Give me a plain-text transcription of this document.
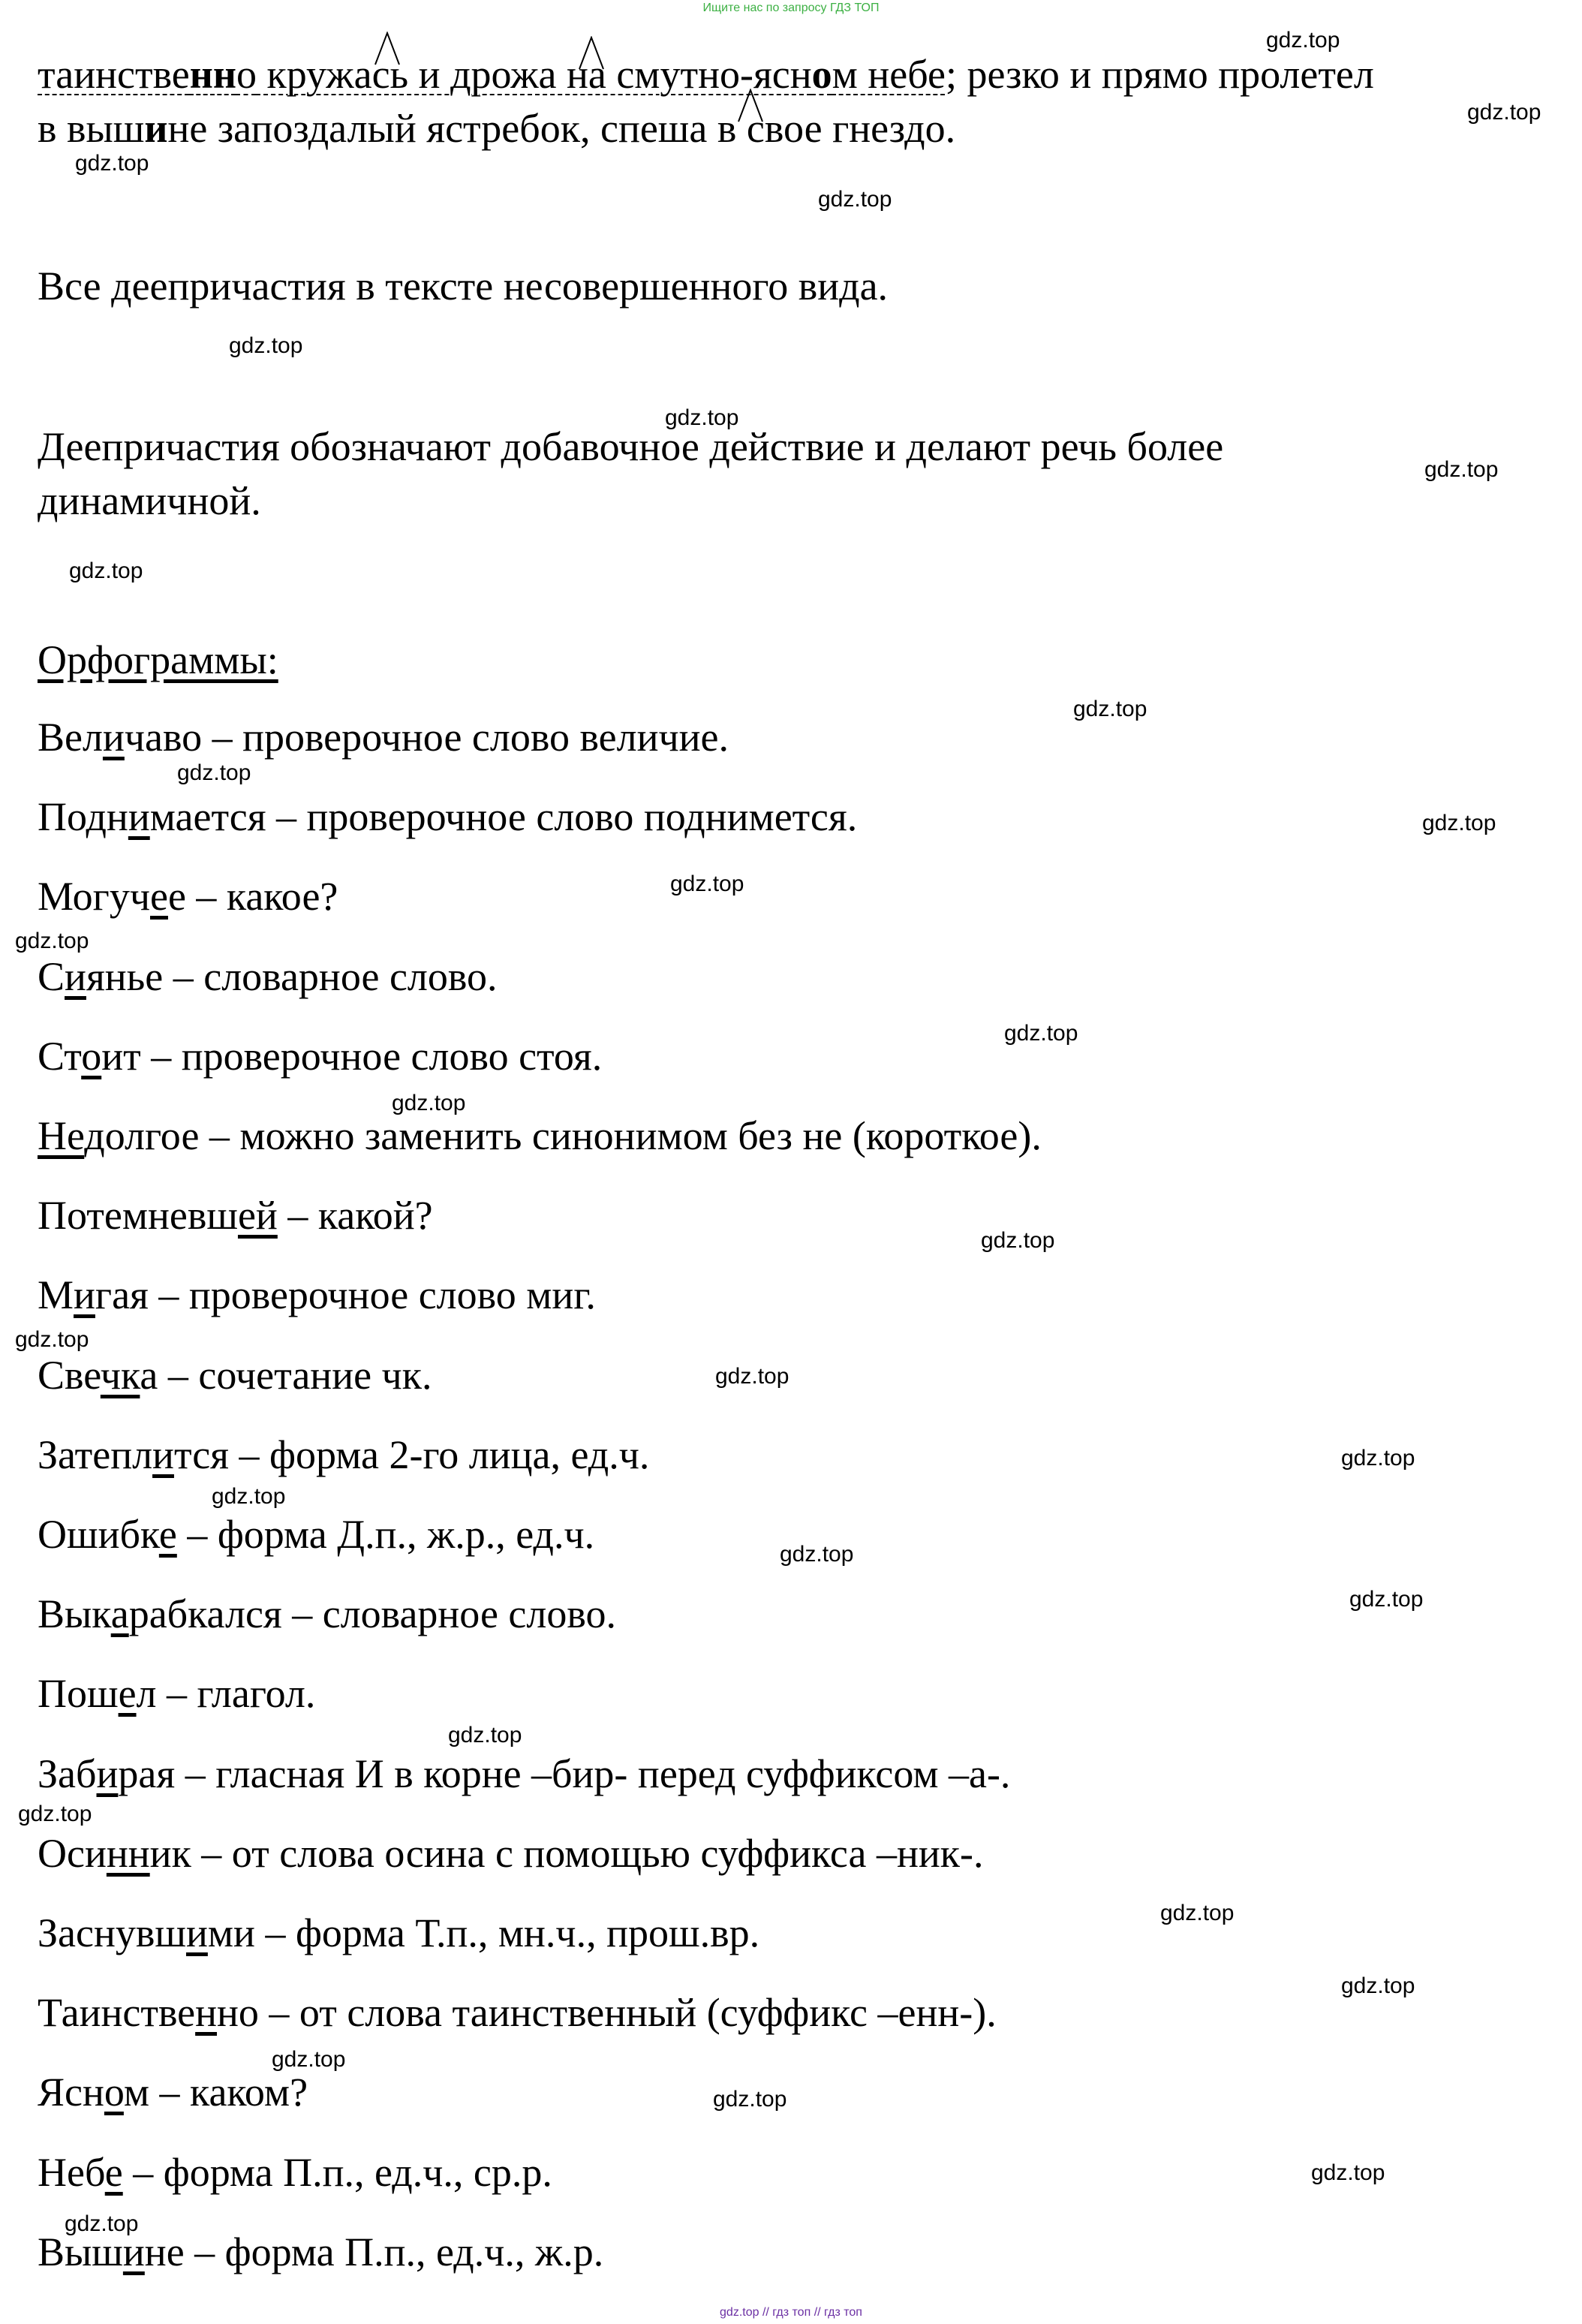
Ищите нас по запросу ГДЗ ТОП
таинственно кружась и дрожа на смутно-ясном небе; резко и прямо пролетел
в вышине запоздалый ястребок, спеша в свое гнездо.
Все деепричастия в тексте несовершенного вида.
Деепричастия обозначают добавочное действие и делают речь более
динамичной.
Орфограммы:
Величаво – проверочное слово величие.
Поднимается – проверочное слово поднимется.
Могучее – какое?
Сиянье – словарное слово.
Стоит – проверочное слово стоя.
Недолгое – можно заменить синонимом без не (короткое).
Потемневшей – какой?
Мигая – проверочное слово миг.
Свечка – сочетание чк.
Затеплится – форма 2-го лица, ед.ч.
Ошибке – форма Д.п., ж.р., ед.ч.
Выкарабкался – словарное слово.
Пошел – глагол.
Забирая – гласная И в корне –бир- перед суффиксом –а-.
Осинник – от слова осина с помощью суффикса –ник-.
Заснувшими – форма Т.п., мн.ч., прош.вр.
Таинственно – от слова таинственный (суффикс –енн-).
Ясном – каком?
Небе – форма П.п., ед.ч., ср.р.
Вышине – форма П.п., ед.ч., ж.р.
gdz.top
gdz.top
gdz.top
gdz.top
gdz.top
gdz.top
gdz.top
gdz.top
gdz.top
gdz.top
gdz.top
gdz.top
gdz.top
gdz.top
gdz.top
gdz.top
gdz.top
gdz.top
gdz.top
gdz.top
gdz.top
gdz.top
gdz.top
gdz.top
gdz.top
gdz.top
gdz.top
gdz.top
gdz.top
gdz.top
gdz.top // гдз топ // гдз топ
